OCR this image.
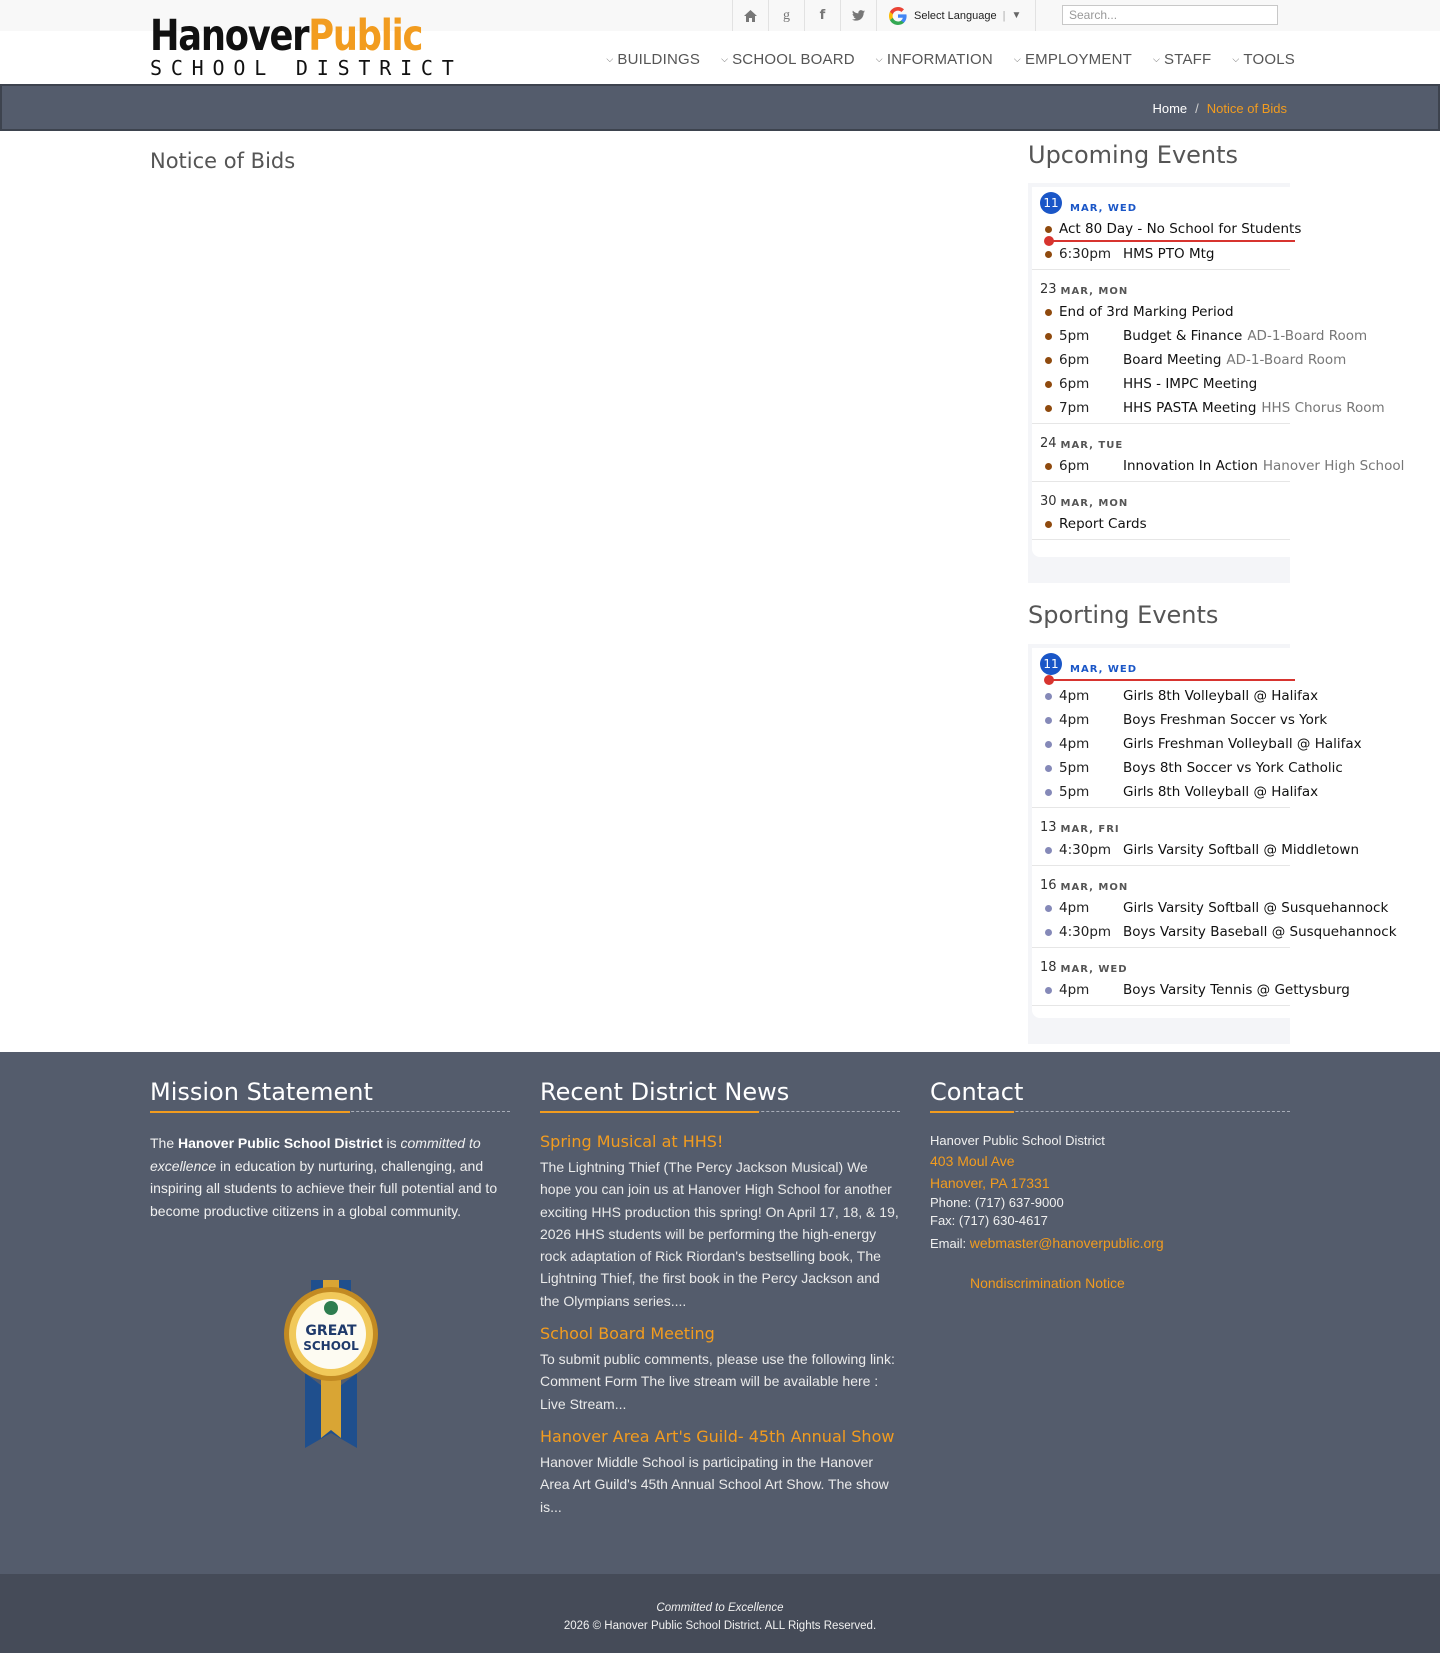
g f	Select Language | ▼
Search...
HanoverPublic
SCHOOL DISTRICT	⌵ BUILDINGS ⌵ SCHOOL BOARD ⌵ INFORMATION ⌵ EMPLOYMENT ⌵ STAFF ⌵ TOOLS
Home / Notice of Bids
Notice of Bids	Upcoming Events
11	MAR, WED
Act 80 Day - No School for Students
6:30pm HMS PTO Mtg
23 MAR, MON
End of 3rd Marking Period
5pm	Budget & Finance AD-1-Board Room
6pm	Board Meeting AD-1-Board Room
6pm	HHS - IMPC Meeting
7pm	HHS PASTA Meeting HHS Chorus Room
24 MAR, TUE
6pm	Innovation In Action Hanover High School
30 MAR, MON
Report Cards
Sporting Events
11	MAR, WED
4pm	Girls 8th Volleyball @ Halifax
4pm	Boys Freshman Soccer vs York
4pm	Girls Freshman Volleyball @ Halifax
5pm	Boys 8th Soccer vs York Catholic
5pm	Girls 8th Volleyball @ Halifax
13 MAR, FRI
4:30pm Girls Varsity Softball @ Middletown
16 MAR, MON
4pm	Girls Varsity Softball @ Susquehannock
4:30pm Boys Varsity Baseball @ Susquehannock
18 MAR, WED
4pm	Boys Varsity Tennis @ Gettysburg
Mission Statement

The Hanover Public School District is committed to excellence in education by nurturing, challenging, and inspiring all students to achieve their full potential and to become productive citizens in a global community.

GREAT
SCHOOL
Recent District News
Spring Musical at HHS!
The Lightning Thief (The Percy Jackson Musical) We hope you can join us at Hanover High School for another exciting HHS production this spring! On April 17, 18, & 19, 2026 HHS students will be performing the high-energy rock adaptation of Rick Riordan's bestselling book, The Lightning Thief, the first book in the Percy Jackson and the Olympians series....
School Board Meeting
To submit public comments, please use the following link: Comment Form The live stream will be available here : Live Stream...
Hanover Area Art's Guild- 45th Annual Show
Hanover Middle School is participating in the Hanover Area Art Guild's 45th Annual School Art Show. The show is...
Contact
Hanover Public School District
403 Moul Ave
Hanover, PA 17331
Phone: (717) 637-9000
Fax: (717) 630-4617
Email: webmaster@hanoverpublic.org
Nondiscrimination Notice
Committed to Excellence
2026 © Hanover Public School District. ALL Rights Reserved.
